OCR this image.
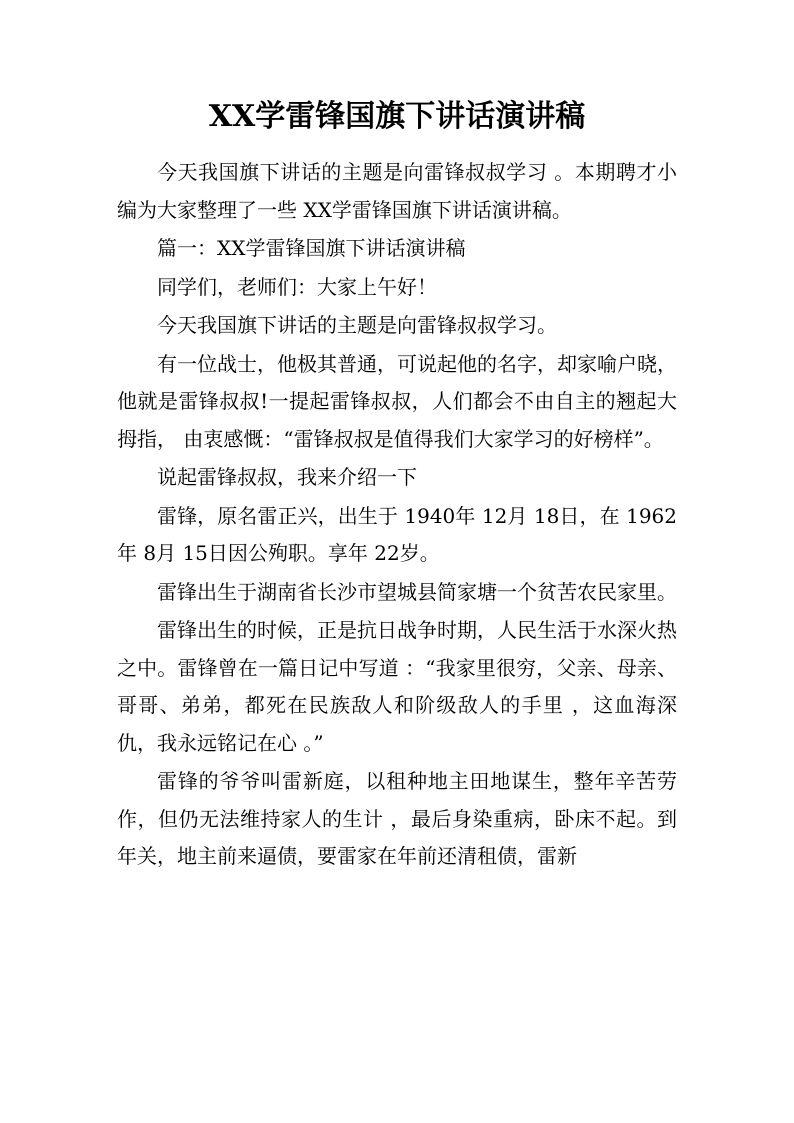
XX学雷锋国旗下讲话演讲稿

今天我国旗下讲话的主题是向雷锋叔叔学习 。本期聘才小编为大家整理了一些 XX学雷锋国旗下讲话演讲稿。

篇一：XX学雷锋国旗下讲话演讲稿

同学们，老师们：大家上午好！

今天我国旗下讲话的主题是向雷锋叔叔学习。

有一位战士，他极其普通，可说起他的名字，却家喻户晓，他就是雷锋叔叔!一提起雷锋叔叔，人们都会不由自主的翘起大拇指， 由衷感慨：“雷锋叔叔是值得我们大家学习的好榜样”。

说起雷锋叔叔，我来介绍一下

雷锋，原名雷正兴，出生于 1940年 12月 18日，在 1962年 8月 15日因公殉职。享年 22岁。

雷锋出生于湖南省长沙市望城县简家塘一个贫苦农民家里。

雷锋出生的时候，正是抗日战争时期，人民生活于水深火热之中。雷锋曾在一篇日记中写道 ：“我家里很穷，父亲、母亲、哥哥、弟弟，都死在民族敌人和阶级敌人的手里 ，这血海深仇，我永远铭记在心 。”

雷锋的爷爷叫雷新庭，以租种地主田地谋生，整年辛苦劳作，但仍无法维持家人的生计 ，最后身染重病，卧床不起。到年关，地主前来逼债，要雷家在年前还清租债，雷新
